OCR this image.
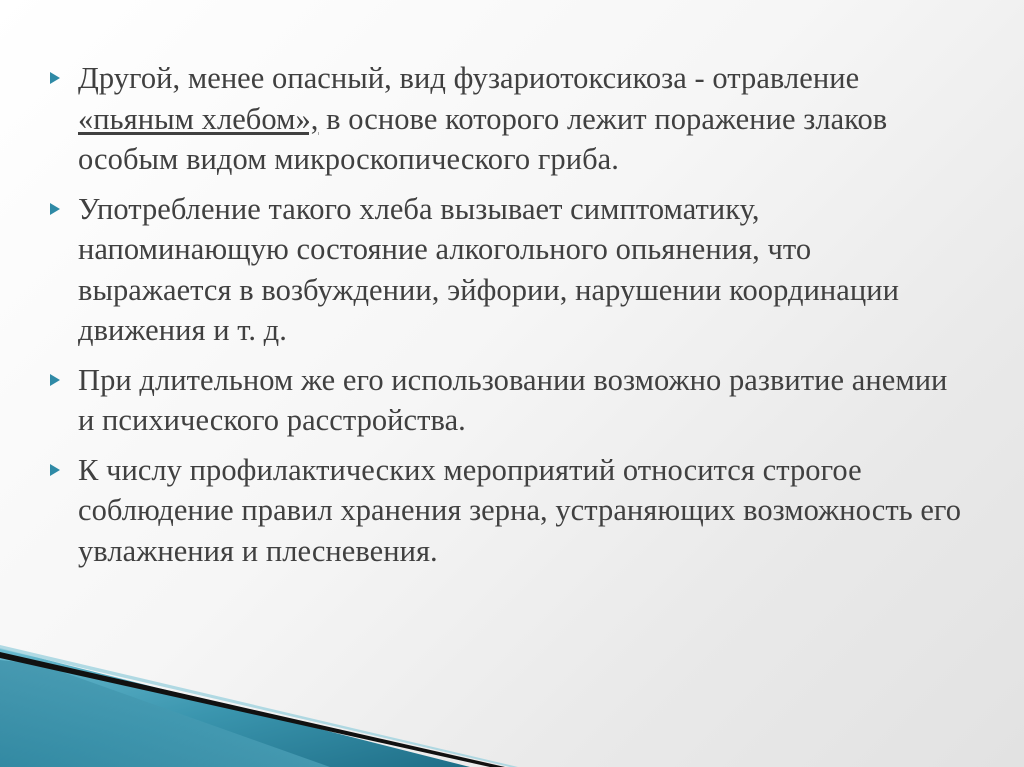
Другой, менее опасный, вид фузариотоксикоза - отравление «пьяным хлебом», в основе которого лежит поражение злаков особым видом микроскопического гриба.
Употребление такого хлеба вызывает симптоматику, напоминающую состояние алкогольного опьянения, что выражается в возбуждении, эйфории, нарушении координации движения и т. д.
При длительном же его использовании возможно развитие анемии и психического расстройства.
К числу профилактических мероприятий относится строгое соблюдение правил хранения зерна, устраняющих возможность его увлажнения и плесневения.
